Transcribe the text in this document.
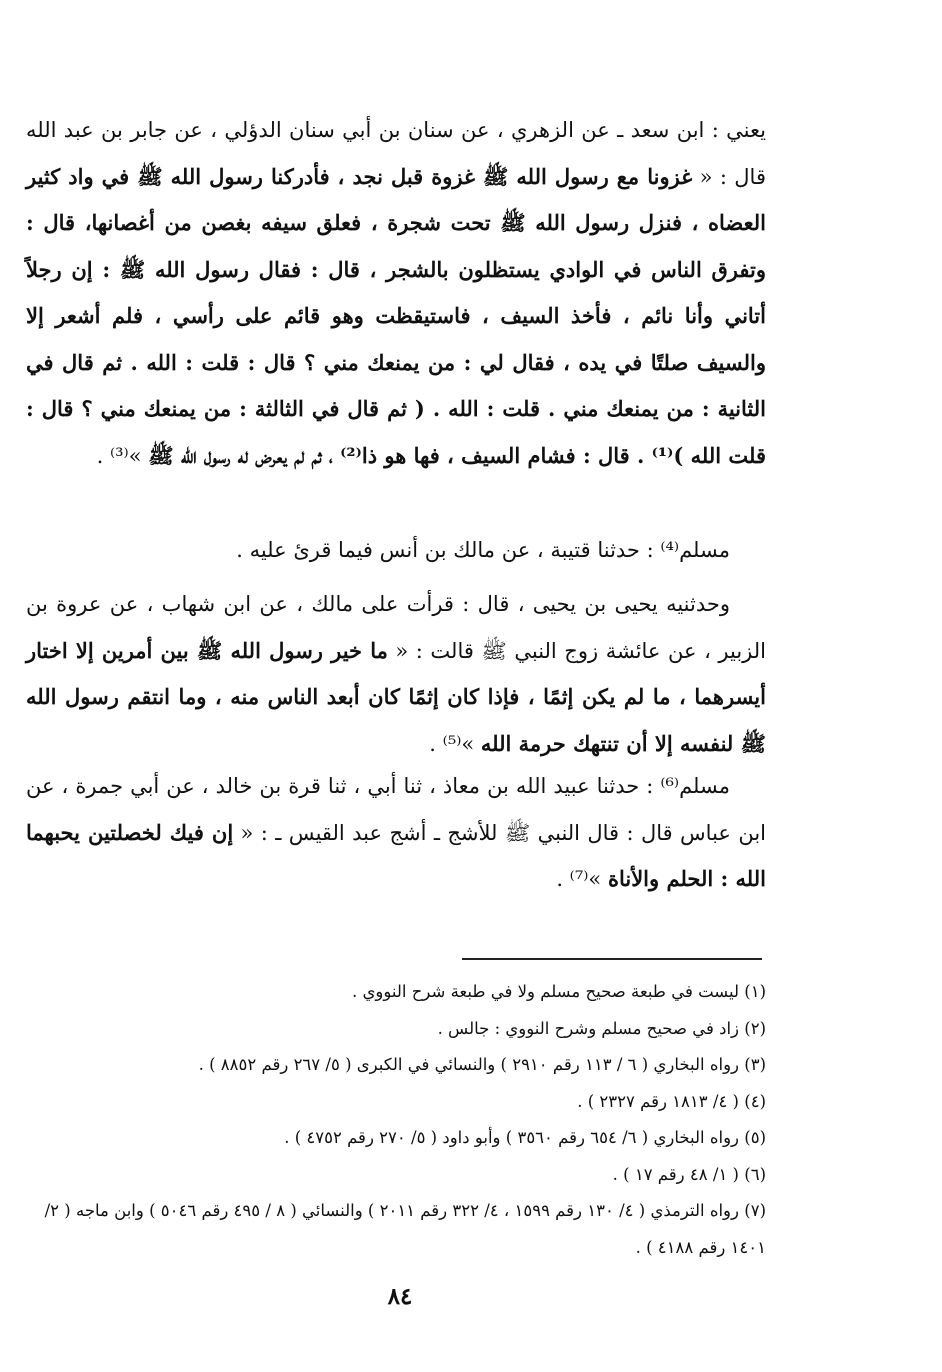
يعني : ابن سعد ـ عن الزهري ، عن سنان بن أبي سنان الدؤلي ، عن جابر بن عبد الله قال : « غزونا مع رسول الله ﷺ غزوة قبل نجد ، فأدركنا رسول الله ﷺ في واد كثير العضاه ، فنزل رسول الله ﷺ تحت شجرة ، فعلق سيفه بغصن من أغصانها، قال : وتفرق الناس في الوادي يستظلون بالشجر ، قال : فقال رسول الله ﷺ : إن رجلاً أتاني وأنا نائم ، فأخذ السيف ، فاستيقظت وهو قائم على رأسي ، فلم أشعر إلا والسيف صلتًا في يده ، فقال لي : من يمنعك مني ؟ قال : قلت : الله . ثم قال في الثانية : من يمنعك مني . قلت : الله . ( ثم قال في الثالثة : من يمنعك مني ؟ قال : قلت الله )⁽¹⁾ . قال : فشام السيف ، فها هو ذا⁽²⁾ ، ثم لم يعرض له رسول الله ﷺ »⁽³⁾ .

مسلم⁽⁴⁾ : حدثنا قتيبة ، عن مالك بن أنس فيما قرئ عليه .

وحدثنيه يحيى بن يحيى ، قال : قرأت على مالك ، عن ابن شهاب ، عن عروة بن الزبير ، عن عائشة زوج النبي ﷺ قالت : « ما خير رسول الله ﷺ بين أمرين إلا اختار أيسرهما ، ما لم يكن إثمًا ، فإذا كان إثمًا كان أبعد الناس منه ، وما انتقم رسول الله ﷺ لنفسه إلا أن تنتهك حرمة الله »⁽⁵⁾ .

مسلم⁽⁶⁾ : حدثنا عبيد الله بن معاذ ، ثنا أبي ، ثنا قرة بن خالد ، عن أبي جمرة ، عن ابن عباس قال : قال النبي ﷺ للأشج ـ أشج عبد القيس ـ : « إن فيك لخصلتين يحبهما الله : الحلم والأناة »⁽⁷⁾ .

(١) ليست في طبعة صحيح مسلم ولا في طبعة شرح النووي .

(٢) زاد في صحيح مسلم وشرح النووي : جالس .

(٣) رواه البخاري ( ٦ / ١١٣ رقم ٢٩١٠ ) والنسائي في الكبرى ( ٥/ ٢٦٧ رقم ٨٨٥٢ ) .

(٤) ( ٤/ ١٨١٣ رقم ٢٣٢٧ ) .

(٥) رواه البخاري ( ٦/ ٦٥٤ رقم ٣٥٦٠ ) وأبو داود ( ٥/ ٢٧٠ رقم ٤٧٥٢ ) .

(٦) ( ١/ ٤٨ رقم ١٧ ) .

(٧) رواه الترمذي ( ٤/ ١٣٠ رقم ١٥٩٩ ، ٤/ ٣٢٢ رقم ٢٠١١ ) والنسائي ( ٨ / ٤٩٥ رقم ٥٠٤٦ ) وابن ماجه ( ٢/ ١٤٠١ رقم ٤١٨٨ ) .

٨٤
